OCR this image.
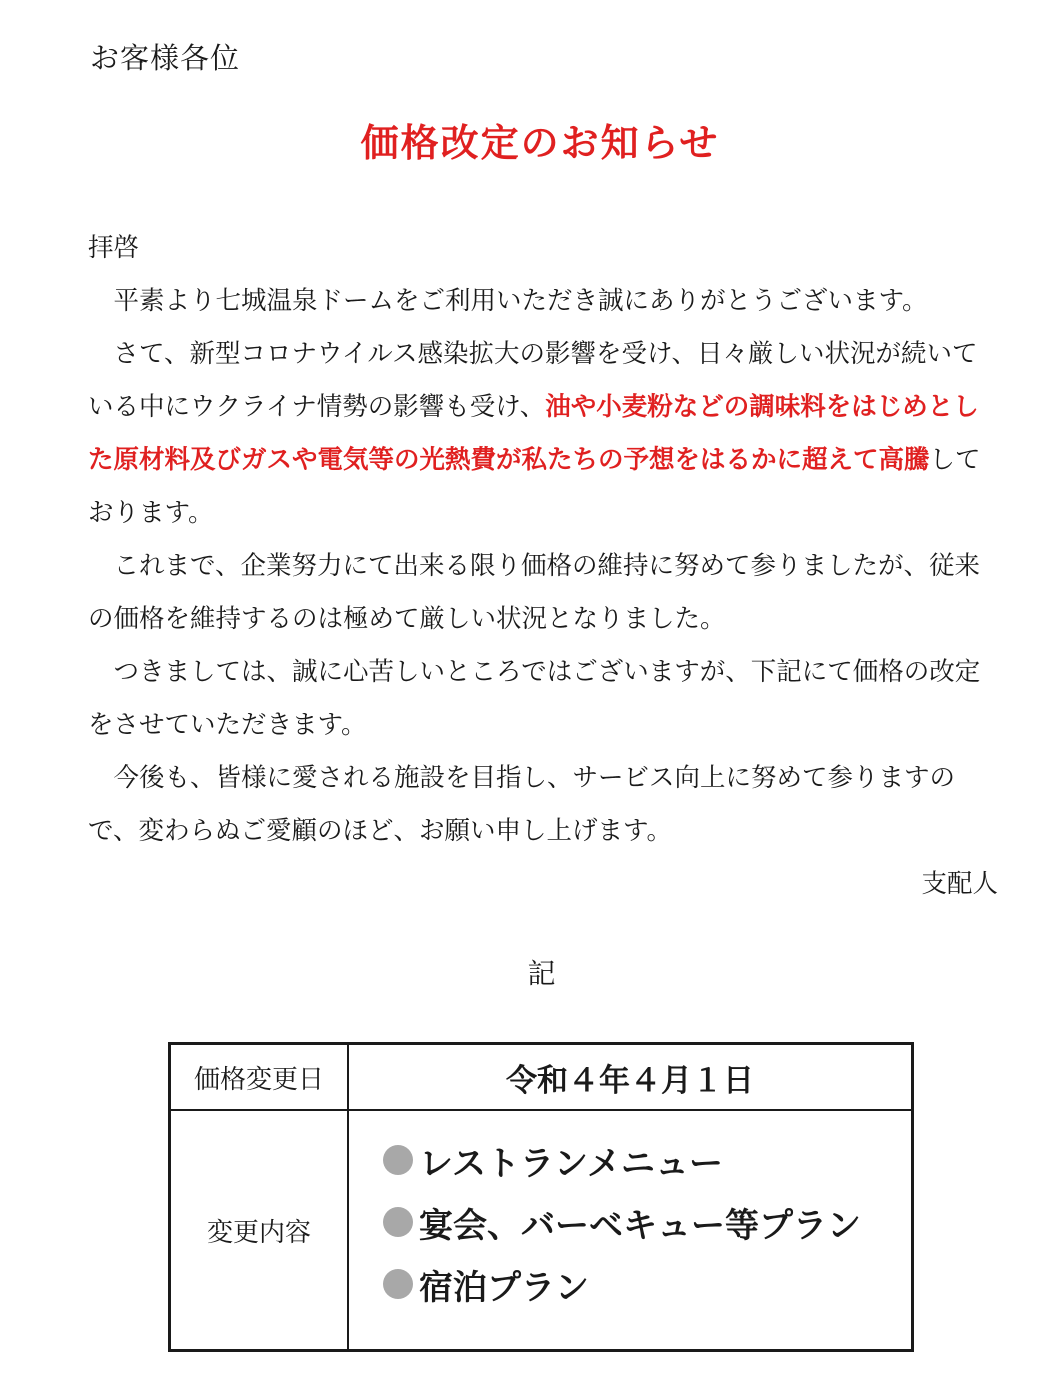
お客様各位
価格改定のお知らせ

拝啓

平素より七城温泉ドームをご利用いただき誠にありがとうございます。

さて、新型コロナウイルス感染拡大の影響を受け、日々厳しい状況が続いている中にウクライナ情勢の影響も受け、油や小麦粉などの調味料をはじめとした原材料及びガスや電気等の光熱費が私たちの予想をはるかに超えて高騰しております。

これまで、企業努力にて出来る限り価格の維持に努めて参りましたが、従来の価格を維持するのは極めて厳しい状況となりました。

つきましては、誠に心苦しいところではございますが、下記にて価格の改定をさせていただきます。

今後も、皆様に愛される施設を目指し、サービス向上に努めて参りますので、変わらぬご愛顧のほど、お願い申し上げます。

支配人

記
価格変更日	令和４年４月１日
変更内容
レストランメニュー
宴会、バーベキュー等プラン
宿泊プラン
